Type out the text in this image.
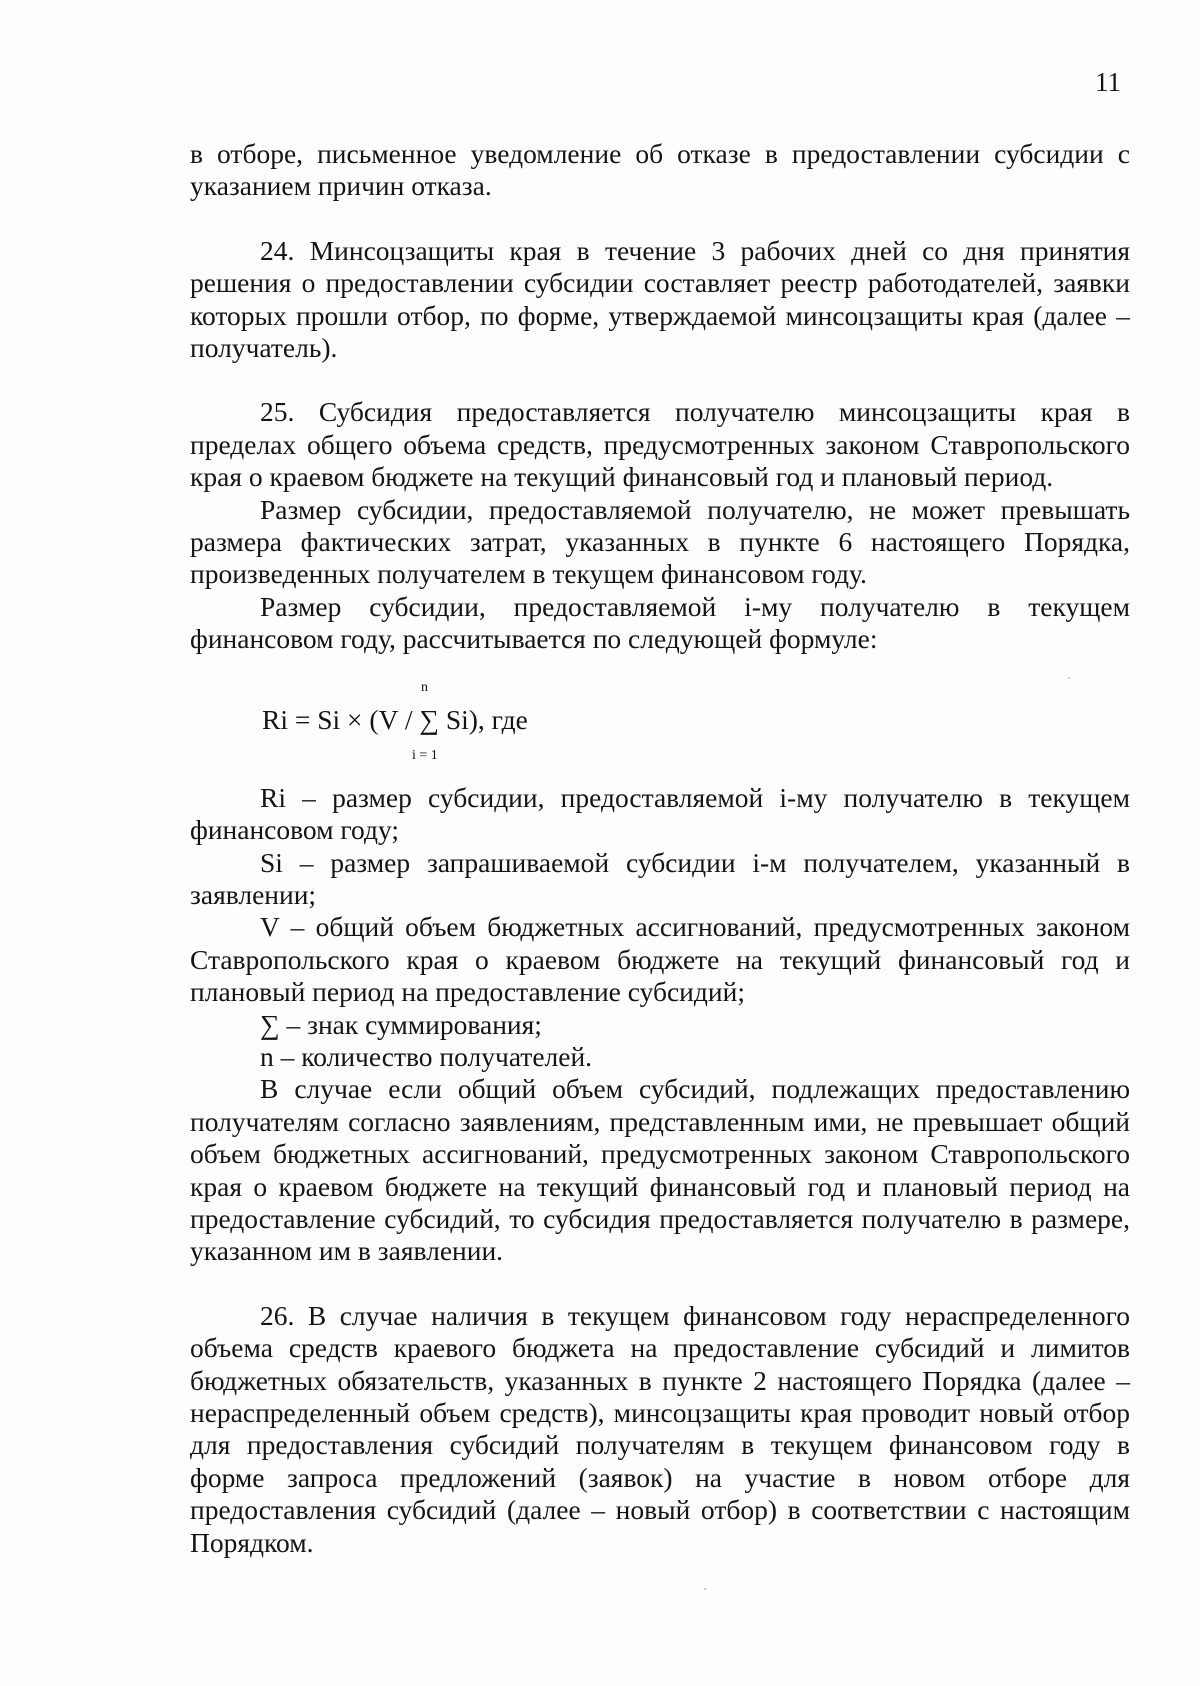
11

в отборе, письменное уведомление об отказе в предоставлении субсидии с указанием причин отказа.

24. Минсоцзащиты края в течение 3 рабочих дней со дня принятия решения о предоставлении субсидии составляет реестр работодателей, заявки которых прошли отбор, по форме, утверждаемой минсоцзащиты края (далее – получатель).

25. Субсидия предоставляется получателю минсоцзащиты края в пределах общего объема средств, предусмотренных законом Ставропольского края о краевом бюджете на текущий финансовый год и плановый период.

Размер субсидии, предоставляемой получателю, не может превышать размера фактических затрат, указанных в пункте 6 настоящего Порядка, произведенных получателем в текущем финансовом году.

Размер субсидии, предоставляемой i-му получателю в текущем финансовом году, рассчитывается по следующей формуле:

n
Ri = Si × (V / ∑ Si), где
i = 1

Ri – размер субсидии, предоставляемой i-му получателю в текущем финансовом году;

Si – размер запрашиваемой субсидии i-м получателем, указанный в заявлении;

V – общий объем бюджетных ассигнований, предусмотренных законом Ставропольского края о краевом бюджете на текущий финансовый год и плановый период на предоставление субсидий;

∑ – знак суммирования;

n – количество получателей.

В случае если общий объем субсидий, подлежащих предоставлению получателям согласно заявлениям, представленным ими, не превышает общий объем бюджетных ассигнований, предусмотренных законом Ставропольского края о краевом бюджете на текущий финансовый год и плановый период на предоставление субсидий, то субсидия предоставляется получателю в размере, указанном им в заявлении.

26. В случае наличия в текущем финансовом году нераспределенного объема средств краевого бюджета на предоставление субсидий и лимитов бюджетных обязательств, указанных в пункте 2 настоящего Порядка (далее – нераспределенный объем средств), минсоцзащиты края проводит новый отбор для предоставления субсидий получателям в текущем финансовом году в форме запроса предложений (заявок) на участие в новом отборе для предоставления субсидий (далее – новый отбор) в соответствии с настоящим Порядком.
